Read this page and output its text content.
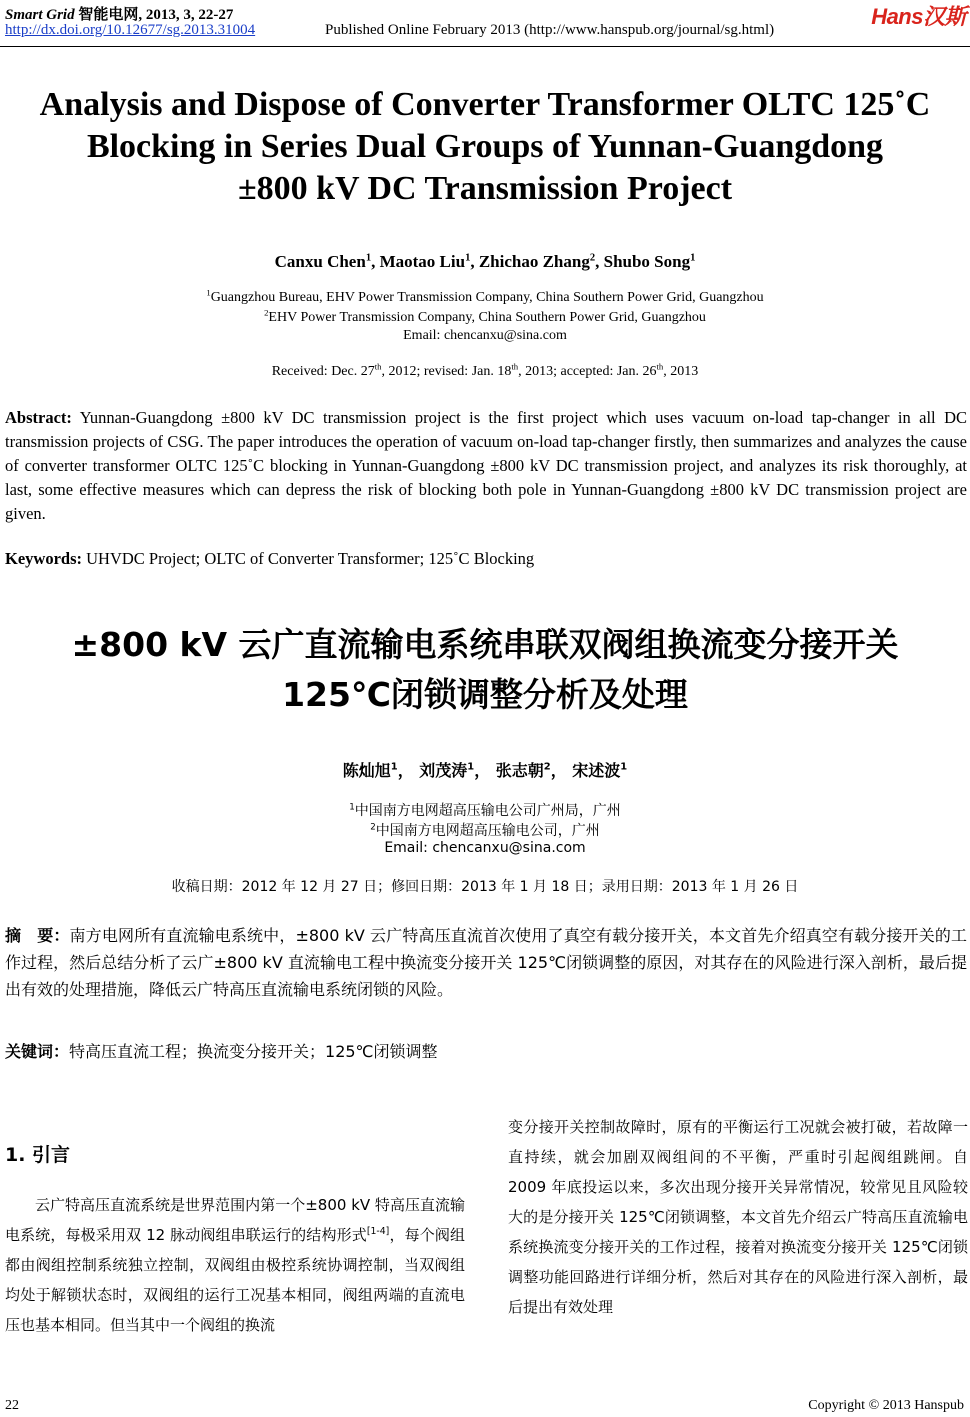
Smart Grid 智能电网, 2013, 3, 22-27
http://dx.doi.org/10.12677/sg.2013.31004	Published Online February 2013 (http://www.hanspub.org/journal/sg.html)
Hans汉斯
Analysis and Dispose of Converter Transformer OLTC 125˚C
Blocking in Series Dual Groups of Yunnan-Guangdong
±800 kV DC Transmission Project
Canxu Chen$^1$, Maotao Liu$^1$, Zhichao Zhang$^2$, Shubo Song$^1$
$^1$Guangzhou Bureau, EHV Power Transmission Company, China Southern Power Grid, Guangzhou
$^2$EHV Power Transmission Company, China Southern Power Grid, Guangzhou
Email: chencanxu@sina.com
Received: Dec. 27th, 2012; revised: Jan. 18th, 2013; accepted: Jan. 26th, 2013
Abstract: Yunnan-Guangdong ±800 kV DC transmission project is the first project which uses vacuum on-load tap-changer in all DC transmission projects of CSG. The paper introduces the operation of vacuum on-load tap-changer firstly, then summarizes and analyzes the cause of converter transformer OLTC 125˚C blocking in Yunnan-Guangdong ±800 kV DC transmission project, and analyzes its risk thoroughly, at last, some effective measures which can depress the risk of blocking both pole in Yunnan-Guangdong ±800 kV DC transmission project are given.
Keywords: UHVDC Project; OLTC of Converter Transformer; 125˚C Blocking
±800 kV 云广直流输电系统串联双阀组换流变分接开关
125℃闭锁调整分析及处理
陈灿旭$^1$， 刘茂涛$^1$， 张志朝$^2$， 宋述波$^1$
$^1$中国南方电网超高压输电公司广州局，广州
$^2$中国南方电网超高压输电公司，广州
Email: chencanxu@sina.com
收稿日期：2012 年 12 月 27 日；修回日期：2013 年 1 月 18 日；录用日期：2013 年 1 月 26 日
摘　要：南方电网所有直流输电系统中，±800 kV 云广特高压直流首次使用了真空有载分接开关，本文首先介绍真空有载分接开关的工作过程，然后总结分析了云广±800 kV 直流输电工程中换流变分接开关 125℃闭锁调整的原因，对其存在的风险进行深入剖析，最后提出有效的处理措施，降低云广特高压直流输电系统闭锁的风险。
关键词：特高压直流工程；换流变分接开关；125℃闭锁调整
1. 引言
云广特高压直流系统是世界范围内第一个±800 kV 特高压直流输电系统，每极采用双 12 脉动阀组串联运行的结构形式[1-4]，每个阀组都由阀组控制系统独立控制，双阀组由极控系统协调控制，当双阀组均处于解锁状态时，双阀组的运行工况基本相同，阀组两端的直流电压也基本相同。但当其中一个阀组的换流
变分接开关控制故障时，原有的平衡运行工况就会被打破，若故障一直持续，就会加剧双阀组间的不平衡，严重时引起阀组跳闸。自 2009 年底投运以来，多次出现分接开关异常情况，较常见且风险较大的是分接开关 125℃闭锁调整，本文首先介绍云广特高压直流输电系统换流变分接开关的工作过程，接着对换流变分接开关 125℃闭锁调整功能回路进行详细分析，然后对其存在的风险进行深入剖析，最后提出有效处理
22	Copyright © 2013 Hanspub
